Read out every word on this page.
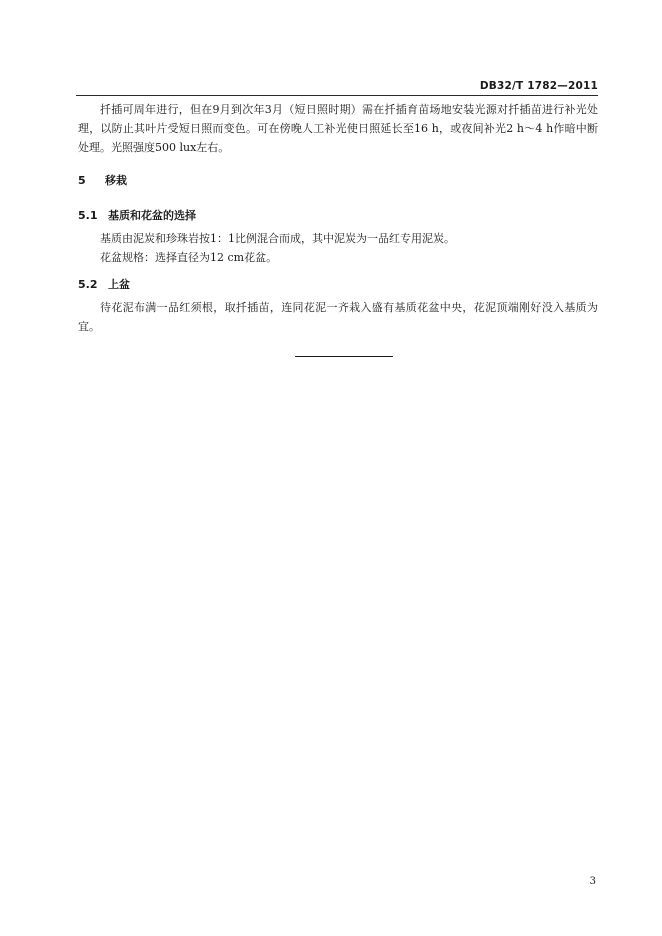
DB32/T 1782—2011

扦插可周年进行，但在9月到次年3月（短日照时期）需在扦插育苗场地安装光源对扦插苗进行补光处理，以防止其叶片受短日照而变色。可在傍晚人工补光使日照延长至16 h，或夜间补光2 h～4 h作暗中断处理。光照强度500 lux左右。

5 移栽
5.1 基质和花盆的选择

基质由泥炭和珍珠岩按1：1比例混合而成，其中泥炭为一品红专用泥炭。

花盆规格：选择直径为12 cm花盆。

5.2 上盆

待花泥布满一品红须根，取扦插苗，连同花泥一齐栽入盛有基质花盆中央，花泥顶端刚好没入基质为宜。

3
